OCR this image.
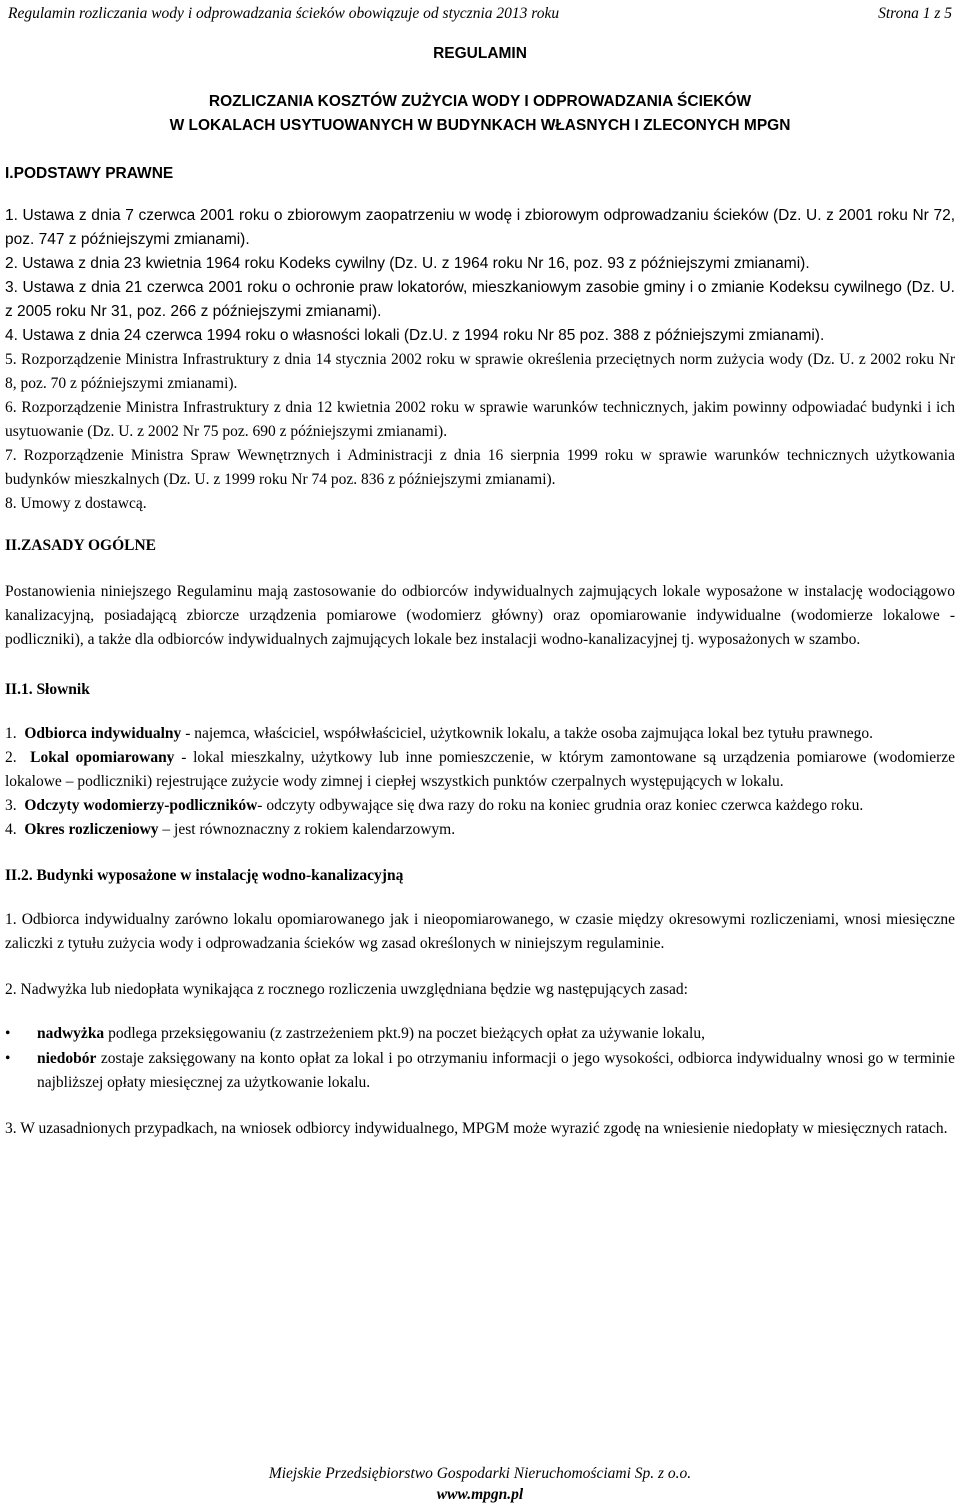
Regulamin rozliczania wody i odprowadzania ścieków obowiązuje od stycznia 2013 roku	Strona 1 z 5

REGULAMIN

ROZLICZANIA KOSZTÓW ZUŻYCIA WODY I ODPROWADZANIA ŚCIEKÓW

W LOKALACH USYTUOWANYCH W BUDYNKACH WŁASNYCH I ZLECONYCH MPGN

I.PODSTAWY PRAWNE

1. Ustawa z dnia 7 czerwca 2001 roku o zbiorowym zaopatrzeniu w wodę i zbiorowym odprowadzaniu ścieków (Dz. U. z 2001 roku Nr 72, poz. 747 z późniejszymi zmianami).

2. Ustawa z dnia 23 kwietnia 1964 roku Kodeks cywilny (Dz. U. z 1964 roku Nr 16, poz. 93 z późniejszymi zmianami).

3. Ustawa z dnia 21 czerwca 2001 roku o ochronie praw lokatorów, mieszkaniowym zasobie gminy i o zmianie Kodeksu cywilnego (Dz. U. z 2005 roku Nr 31, poz. 266 z późniejszymi zmianami).

4. Ustawa z dnia 24 czerwca 1994 roku o własności lokali (Dz.U. z 1994 roku Nr 85 poz. 388 z późniejszymi zmianami).

5. Rozporządzenie Ministra Infrastruktury z dnia 14 stycznia 2002 roku w sprawie określenia przeciętnych norm zużycia wody (Dz. U. z 2002 roku Nr 8, poz. 70 z późniejszymi zmianami).

6. Rozporządzenie Ministra Infrastruktury z dnia 12 kwietnia 2002 roku w sprawie warunków technicznych, jakim powinny odpowiadać budynki i ich usytuowanie (Dz. U. z 2002 Nr 75 poz. 690 z późniejszymi zmianami).

7. Rozporządzenie Ministra Spraw Wewnętrznych i Administracji z dnia 16 sierpnia 1999 roku w sprawie warunków technicznych użytkowania budynków mieszkalnych (Dz. U. z 1999 roku Nr 74 poz. 836 z późniejszymi zmianami).

8. Umowy z dostawcą.

II.ZASADY OGÓLNE

Postanowienia niniejszego Regulaminu mają zastosowanie do odbiorców indywidualnych zajmujących lokale wyposażone w instalację wodociągowo kanalizacyjną, posiadającą zbiorcze urządzenia pomiarowe (wodomierz główny) oraz opomiarowanie indywidualne (wodomierze lokalowe - podliczniki), a także dla odbiorców indywidualnych zajmujących lokale bez instalacji wodno-kanalizacyjnej tj. wyposażonych w szambo.

II.1. Słownik

1. Odbiorca indywidualny - najemca, właściciel, współwłaściciel, użytkownik lokalu, a także osoba zajmująca lokal bez tytułu prawnego.

2. Lokal opomiarowany - lokal mieszkalny, użytkowy lub inne pomieszczenie, w którym zamontowane są urządzenia pomiarowe (wodomierze lokalowe – podliczniki) rejestrujące zużycie wody zimnej i ciepłej wszystkich punktów czerpalnych występujących w lokalu.

3. Odczyty wodomierzy-podliczników- odczyty odbywające się dwa razy do roku na koniec grudnia oraz koniec czerwca każdego roku.

4. Okres rozliczeniowy – jest równoznaczny z rokiem kalendarzowym.

II.2. Budynki wyposażone w instalację wodno-kanalizacyjną

1. Odbiorca indywidualny zarówno lokalu opomiarowanego jak i nieopomiarowanego, w czasie między okresowymi rozliczeniami, wnosi miesięczne zaliczki z tytułu zużycia wody i odprowadzania ścieków wg zasad określonych w niniejszym regulaminie.

2. Nadwyżka lub niedopłata wynikająca z rocznego rozliczenia uwzględniana będzie wg następujących zasad:

•	nadwyżka podlega przeksięgowaniu (z zastrzeżeniem pkt.9) na poczet bieżących opłat za używanie lokalu,
•	niedobór zostaje zaksięgowany na konto opłat za lokal i po otrzymaniu informacji o jego wysokości, odbiorca indywidualny wnosi go w terminie najbliższej opłaty miesięcznej za użytkowanie lokalu.

3. W uzasadnionych przypadkach, na wniosek odbiorcy indywidualnego, MPGM może wyrazić zgodę na wniesienie niedopłaty w miesięcznych ratach.

Miejskie Przedsiębiorstwo Gospodarki Nieruchomościami Sp. z o.o.
www.mpgn.pl
